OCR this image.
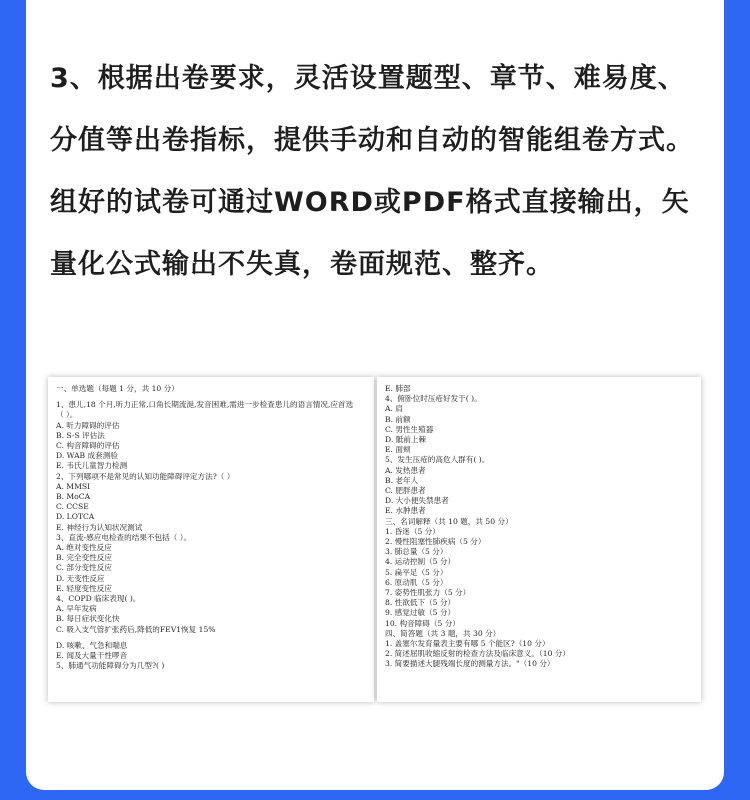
3、根据出卷要求，灵活设置题型、章节、难易度、分值等出卷指标，提供手动和自动的智能组卷方式。组好的试卷可通过WORD或PDF格式直接输出，矢量化公式输出不失真，卷面规范、整齐。
一、单选题（每题 1 分，共 10 分）
1、患儿,18 个月,听力正常,口角长期流涎,发音困难,需进一步检查患儿的语言情况,应首选
（ ）。
A. 听力障碍的评估
B. S-S 评估法
C. 构音障碍的评估
D. WAB 成套测验
E. 韦氏儿童智力检测
2、下列哪项不是常见的认知功能障碍评定方法?（ ）
A. MMSI
B. MoCA
C. CCSE
D. LOTCA
E. 神经行为认知状况测试
3、直流-感应电检查的结果不包括（ ）。
A. 绝对变性反应
B. 完全变性反应
C. 部分变性反应
D. 无变性反应
E. 轻度变性反应
4、COPD 临床表现( )。
A. 早年发病
B. 每日症状变化快
C. 吸入支气管扩张药后,降低的FEV1恢复 15%
D. 咳嗽、气急和喘息
E. 闻及大量干性啰音
5、肺通气功能障碍分为几型?( )
E. 肺部
4、俯卧位时压疮好发于( )。
A. 肩
B. 前额
C. 男性生殖器
D. 骶前上棘
E. 面颊
5、发生压疮的高危人群有( )。
A. 发热患者
B. 老年人
C. 肥胖患者
D. 大小便失禁患者
E. 水肿患者
三、名词解释（共 10 题，共 50 分）
1. 昏迷（5 分）
2. 慢性阻塞性肺疾病（5 分）
3. 肺总量（5 分）
4. 运动控制（5 分）
5. 扁平足（5 分）
6. 原动肌（5 分）
7. 姿势性肌张力（5 分）
8. 性欲低下（5 分）
9. 感觉过敏（5 分）
10. 构音障碍（5 分）
四、简答题（共 3 题，共 30 分）
1. 盖塞尔发育量表主要有哪 5 个能区?（10 分）
2. 简述屈肌收缩反射的检查方法及临床意义。（10 分）
3. 简要描述大腿残端长度的测量方法。"（10 分）
